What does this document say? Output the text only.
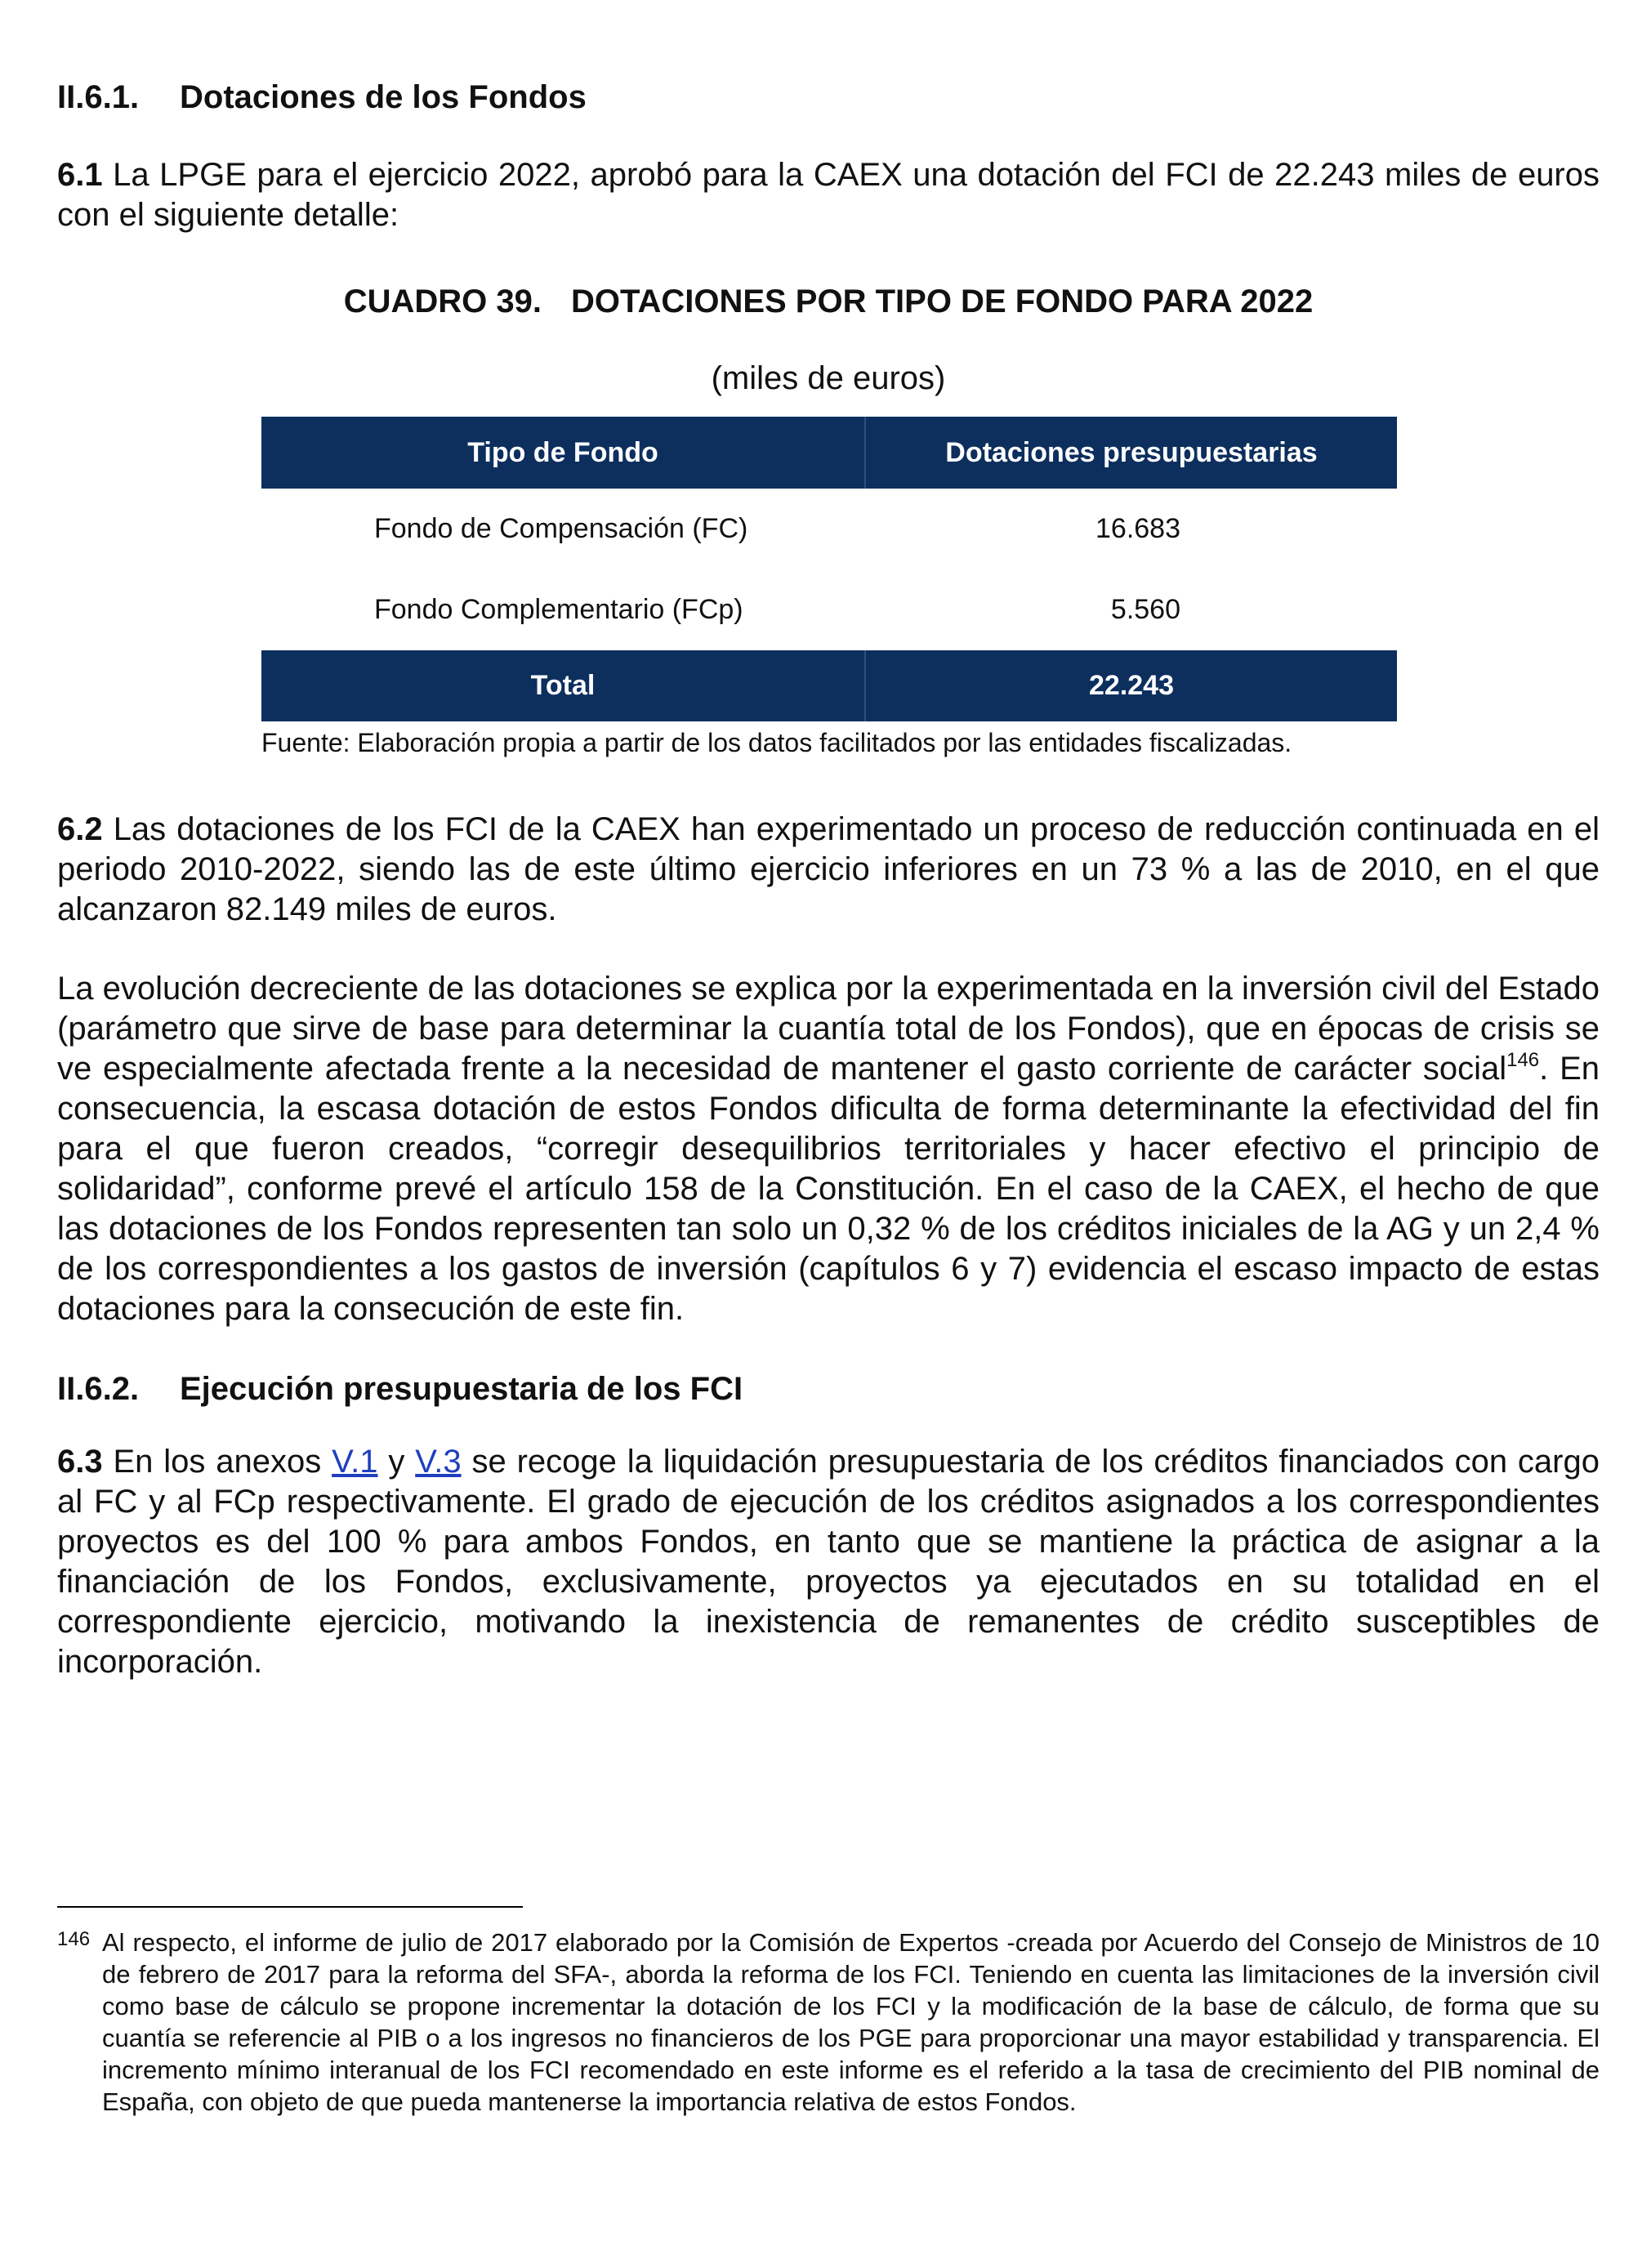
II.6.1. Dotaciones de los Fondos

6.1 La LPGE para el ejercicio 2022, aprobó para la CAEX una dotación del FCI de 22.243 miles de euros con el siguiente detalle:

CUADRO 39. DOTACIONES POR TIPO DE FONDO PARA 2022

(miles de euros)

Tipo de Fondo	Dotaciones presupuestarias
Fondo de Compensación (FC)	16.683
Fondo Complementario (FCp)	5.560
Total	22.243

Fuente: Elaboración propia a partir de los datos facilitados por las entidades fiscalizadas.

6.2 Las dotaciones de los FCI de la CAEX han experimentado un proceso de reducción continuada en el periodo 2010-2022, siendo las de este último ejercicio inferiores en un 73 % a las de 2010, en el que alcanzaron 82.149 miles de euros.

La evolución decreciente de las dotaciones se explica por la experimentada en la inversión civil del Estado (parámetro que sirve de base para determinar la cuantía total de los Fondos), que en épocas de crisis se ve especialmente afectada frente a la necesidad de mantener el gasto corriente de carácter social$^{146}$. En consecuencia, la escasa dotación de estos Fondos dificulta de forma determinante la efectividad del fin para el que fueron creados, “corregir desequilibrios territoriales y hacer efectivo el principio de solidaridad”, conforme prevé el artículo 158 de la Constitución. En el caso de la CAEX, el hecho de que las dotaciones de los Fondos representen tan solo un 0,32 % de los créditos iniciales de la AG y un 2,4 % de los correspondientes a los gastos de inversión (capítulos 6 y 7) evidencia el escaso impacto de estas dotaciones para la consecución de este fin.

II.6.2. Ejecución presupuestaria de los FCI

6.3 En los anexos V.1 y V.3 se recoge la liquidación presupuestaria de los créditos financiados con cargo al FC y al FCp respectivamente. El grado de ejecución de los créditos asignados a los correspondientes proyectos es del 100 % para ambos Fondos, en tanto que se mantiene la práctica de asignar a la financiación de los Fondos, exclusivamente, proyectos ya ejecutados en su totalidad en el correspondiente ejercicio, motivando la inexistencia de remanentes de crédito susceptibles de incorporación.

146 Al respecto, el informe de julio de 2017 elaborado por la Comisión de Expertos -creada por Acuerdo del Consejo de Ministros de 10 de febrero de 2017 para la reforma del SFA-, aborda la reforma de los FCI. Teniendo en cuenta las limitaciones de la inversión civil como base de cálculo se propone incrementar la dotación de los FCI y la modificación de la base de cálculo, de forma que su cuantía se referencie al PIB o a los ingresos no financieros de los PGE para proporcionar una mayor estabilidad y transparencia. El incremento mínimo interanual de los FCI recomendado en este informe es el referido a la tasa de crecimiento del PIB nominal de España, con objeto de que pueda mantenerse la importancia relativa de estos Fondos.
